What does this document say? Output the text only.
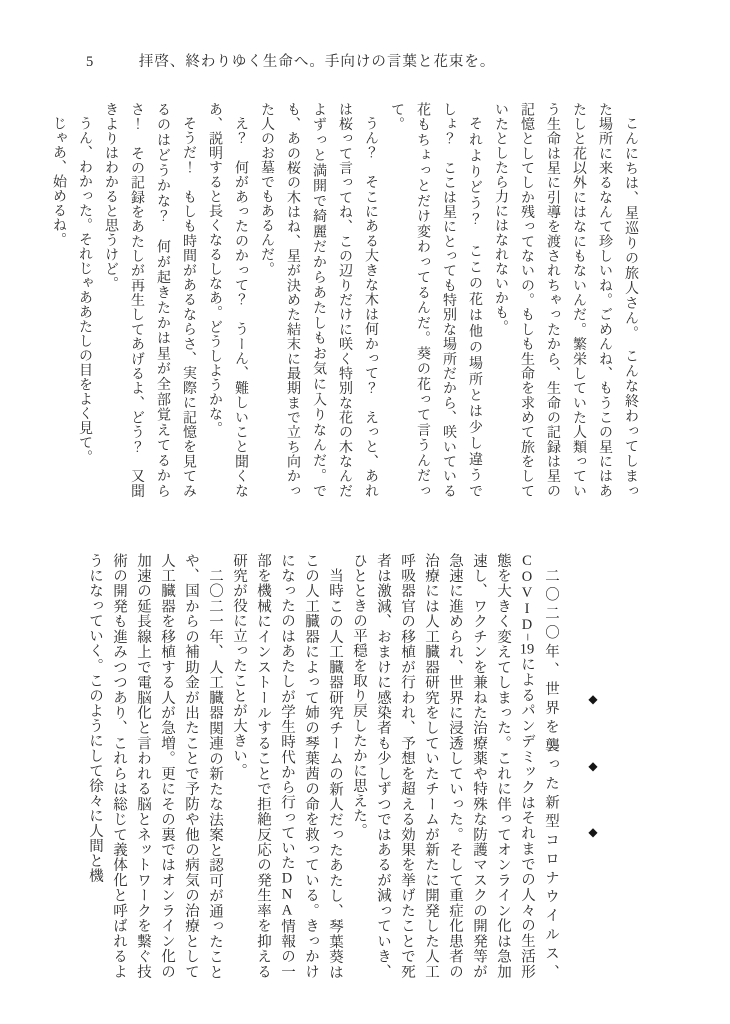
5	拝啓、終わりゆく生命へ。手向けの言葉と花束を。

こんにちは、星巡りの旅人さん。　こんな終わってしまった場所に来るなんて珍しいね。ごめんね、もうこの星にはあたしと花以外にはなにもないんだ。繁栄していた人類っていう生命は星に引導を渡されちゃったから、生命の記録は星の記憶としてしか残ってないの。もしも生命を求めて旅をしていたとしたら力にはなれないかも。

それよりどう？　ここの花は他の場所とは少し違うでしょ？　ここは星にとっても特別な場所だから、咲いている花もちょっとだけ変わってるんだ。葵の花って言うんだって。

うん？　そこにある大きな木は何かって？　えっと、あれは桜って言ってね、この辺りだけに咲く特別な花の木なんだよずっと満開で綺麗だからあたしもお気に入りなんだ。でも、あの桜の木はね、星が決めた結末に最期まで立ち向かった人のお墓でもあるんだ。

え？　何があったのかって？　うーん、難しいこと聞くなあ、説明すると長くなるしなあ。どうしようかな。

そうだ！　もしも時間があるならさ、実際に記憶を見てみるのはどうかな？　何が起きたかは星が全部覚えてるからさ！　その記録をあたしが再生してあげるよ、どう？　又聞きよりはわかると思うけど。

うん、わかった。それじゃああたしの目をよく見て。

じゃあ、始めるね。

◆ ◆ ◆

二〇二〇年、世界を襲った新型コロナウイルス、COVID−19によるパンデミックはそれまでの人々の生活形態を大きく変えてしまった。これに伴ってオンライン化は急加速し、ワクチンを兼ねた治療薬や特殊な防護マスクの開発等が急速に進められ、世界に浸透していった。そして重症化患者の治療には人工臓器研究をしていたチームが新たに開発した人工呼吸器官の移植が行われ、予想を超える効果を挙げたことで死者は激減、おまけに感染者も少しずつではあるが減っていき、ひとときの平穏を取り戻したかに思えた。

当時この人工臓器研究チームの新人だったあたし、琴葉葵はこの人工臓器によって姉の琴葉茜の命を救っている。きっかけになったのはあたしが学生時代から行っていたDNA情報の一部を機械にインストールすることで拒絶反応の発生率を抑える研究が役に立ったことが大きい。

二〇二一年、人工臓器関連の新たな法案と認可が通ったことや、国からの補助金が出たことで予防や他の病気の治療として人工臓器を移植する人が急増。更にその裏ではオンライン化の加速の延長線上で電脳化と言われる脳とネットワークを繋ぐ技術の開発も進みつつあり、これらは総じて義体化と呼ばれるようになっていく。このようにして徐々に人間と機
